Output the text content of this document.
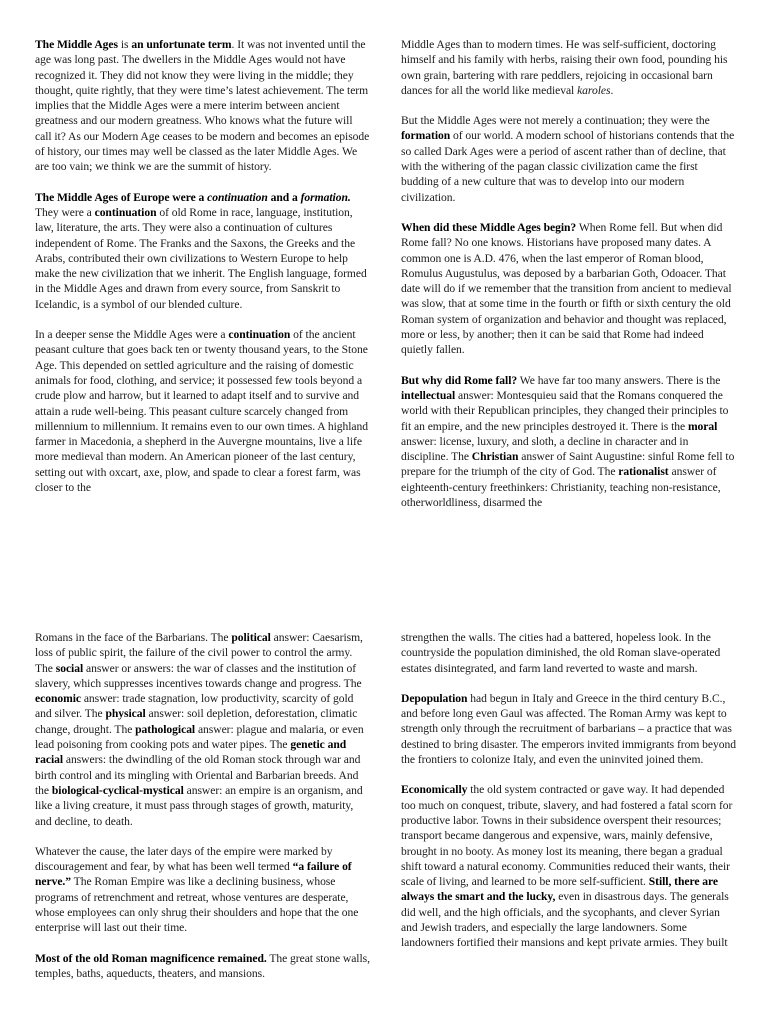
The Middle Ages is an unfortunate term. It was not invented until the age was long past. The dwellers in the Middle Ages would not have recognized it. They did not know they were living in the middle; they thought, quite rightly, that they were time’s latest achievement. The term implies that the Middle Ages were a mere interim between ancient greatness and our modern greatness. Who knows what the future will call it? As our Modern Age ceases to be modern and becomes an episode of history, our times may well be classed as the later Middle Ages. We are too vain; we think we are the summit of history.

The Middle Ages of Europe were a continuation and a formation. They were a continuation of old Rome in race, language, institution, law, literature, the arts. They were also a continuation of cultures independent of Rome. The Franks and the Saxons, the Greeks and the Arabs, contributed their own civilizations to Western Europe to help make the new civilization that we inherit. The English language, formed in the Middle Ages and drawn from every source, from Sanskrit to Icelandic, is a symbol of our blended culture.

In a deeper sense the Middle Ages were a continuation of the ancient peasant culture that goes back ten or twenty thousand years, to the Stone Age. This depended on settled agriculture and the raising of domestic animals for food, clothing, and service; it possessed few tools beyond a crude plow and harrow, but it learned to adapt itself and to survive and attain a rude well-being. This peasant culture scarcely changed from millennium to millennium. It remains even to our own times. A highland farmer in Macedonia, a shepherd in the Auvergne mountains, live a life more medieval than modern. An American pioneer of the last century, setting out with oxcart, axe, plow, and spade to clear a forest farm, was closer to the

Middle Ages than to modern times. He was self-sufficient, doctoring himself and his family with herbs, raising their own food, pounding his own grain, bartering with rare peddlers, rejoicing in occasional barn dances for all the world like medieval karoles.

But the Middle Ages were not merely a continuation; they were the formation of our world. A modern school of historians contends that the so called Dark Ages were a period of ascent rather than of decline, that with the withering of the pagan classic civilization came the first budding of a new culture that was to develop into our modern civilization.

When did these Middle Ages begin? When Rome fell. But when did Rome fall? No one knows. Historians have proposed many dates. A common one is A.D. 476, when the last emperor of Roman blood, Romulus Augustulus, was deposed by a barbarian Goth, Odoacer. That date will do if we remember that the transition from ancient to medieval was slow, that at some time in the fourth or fifth or sixth century the old Roman system of organization and behavior and thought was replaced, more or less, by another; then it can be said that Rome had indeed quietly fallen.

But why did Rome fall? We have far too many answers. There is the intellectual answer: Montesquieu said that the Romans conquered the world with their Republican principles, they changed their principles to fit an empire, and the new principles destroyed it. There is the moral answer: license, luxury, and sloth, a decline in character and in discipline. The Christian answer of Saint Augustine: sinful Rome fell to prepare for the triumph of the city of God. The rationalist answer of eighteenth-century freethinkers: Christianity, teaching non-resistance, otherworldliness, disarmed the

Romans in the face of the Barbarians. The political answer: Caesarism, loss of public spirit, the failure of the civil power to control the army. The social answer or answers: the war of classes and the institution of slavery, which suppresses incentives towards change and progress. The economic answer: trade stagnation, low productivity, scarcity of gold and silver. The physical answer: soil depletion, deforestation, climatic change, drought. The pathological answer: plague and malaria, or even lead poisoning from cooking pots and water pipes. The genetic and racial answers: the dwindling of the old Roman stock through war and birth control and its mingling with Oriental and Barbarian breeds. And the biological-cyclical-mystical answer: an empire is an organism, and like a living creature, it must pass through stages of growth, maturity, and decline, to death.

Whatever the cause, the later days of the empire were marked by discouragement and fear, by what has been well termed “a failure of nerve.” The Roman Empire was like a declining business, whose programs of retrenchment and retreat, whose ventures are desperate, whose employees can only shrug their shoulders and hope that the one enterprise will last out their time.

Most of the old Roman magnificence remained. The great stone walls, temples, baths, aqueducts, theaters, and mansions.

strengthen the walls. The cities had a battered, hopeless look. In the countryside the population diminished, the old Roman slave-operated estates disintegrated, and farm land reverted to waste and marsh.

Depopulation had begun in Italy and Greece in the third century B.C., and before long even Gaul was affected. The Roman Army was kept to strength only through the recruitment of barbarians – a practice that was destined to bring disaster. The emperors invited immigrants from beyond the frontiers to colonize Italy, and even the uninvited joined them.

Economically the old system contracted or gave way. It had depended too much on conquest, tribute, slavery, and had fostered a fatal scorn for productive labor. Towns in their subsidence overspent their resources; transport became dangerous and expensive, wars, mainly defensive, brought in no booty. As money lost its meaning, there began a gradual shift toward a natural economy. Communities reduced their wants, their scale of living, and learned to be more self-sufficient. Still, there are always the smart and the lucky, even in disastrous days. The generals did well, and the high officials, and the sycophants, and clever Syrian and Jewish traders, and especially the large landowners. Some landowners fortified their mansions and kept private armies. They built
